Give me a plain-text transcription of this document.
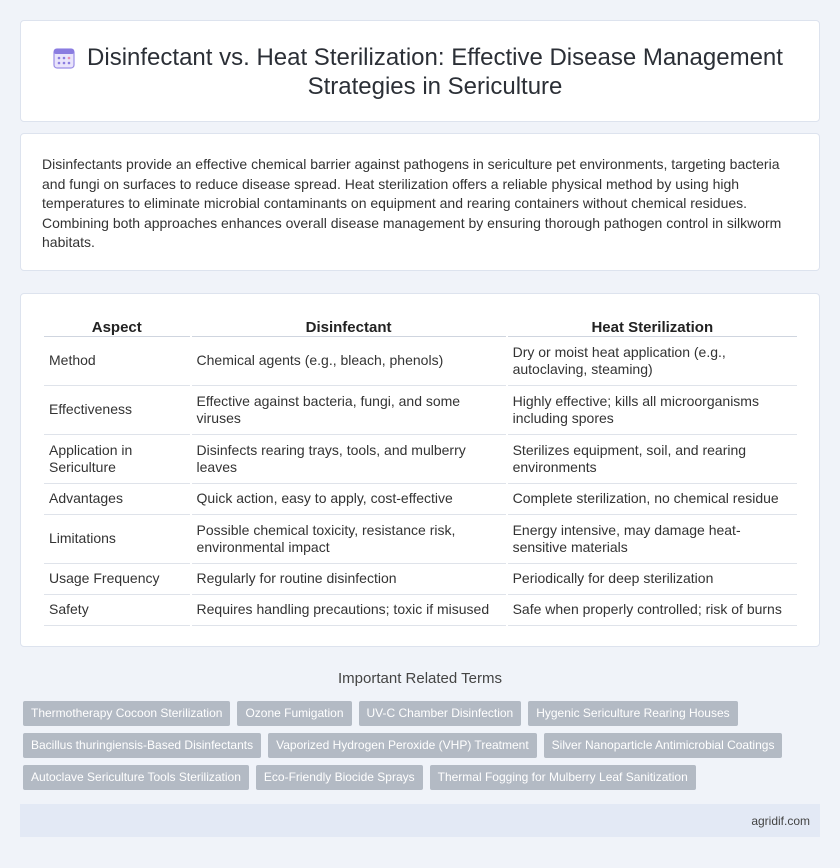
Disinfectant vs. Heat Sterilization: Effective Disease Management Strategies in Sericulture

Disinfectants provide an effective chemical barrier against pathogens in sericulture pet environments, targeting bacteria and fungi on surfaces to reduce disease spread. Heat sterilization offers a reliable physical method by using high temperatures to eliminate microbial contaminants on equipment and rearing containers without chemical residues. Combining both approaches enhances overall disease management by ensuring thorough pathogen control in silkworm habitats.

Aspect	Disinfectant	Heat Sterilization
Method	Chemical agents (e.g., bleach, phenols)	Dry or moist heat application (e.g., autoclaving, steaming)
Effectiveness	Effective against bacteria, fungi, and some viruses	Highly effective; kills all microorganisms including spores
Application in Sericulture	Disinfects rearing trays, tools, and mulberry leaves	Sterilizes equipment, soil, and rearing environments
Advantages	Quick action, easy to apply, cost-effective	Complete sterilization, no chemical residue
Limitations	Possible chemical toxicity, resistance risk, environmental impact	Energy intensive, may damage heat-sensitive materials
Usage Frequency	Regularly for routine disinfection	Periodically for deep sterilization
Safety	Requires handling precautions; toxic if misused	Safe when properly controlled; risk of burns
Important Related Terms
Thermotherapy Cocoon Sterilization	Ozone Fumigation	UV-C Chamber Disinfection	Hygenic Sericulture Rearing Houses
Bacillus thuringiensis-Based Disinfectants	Vaporized Hydrogen Peroxide (VHP) Treatment	Silver Nanoparticle Antimicrobial Coatings
Autoclave Sericulture Tools Sterilization	Eco-Friendly Biocide Sprays	Thermal Fogging for Mulberry Leaf Sanitization
agridif.com
